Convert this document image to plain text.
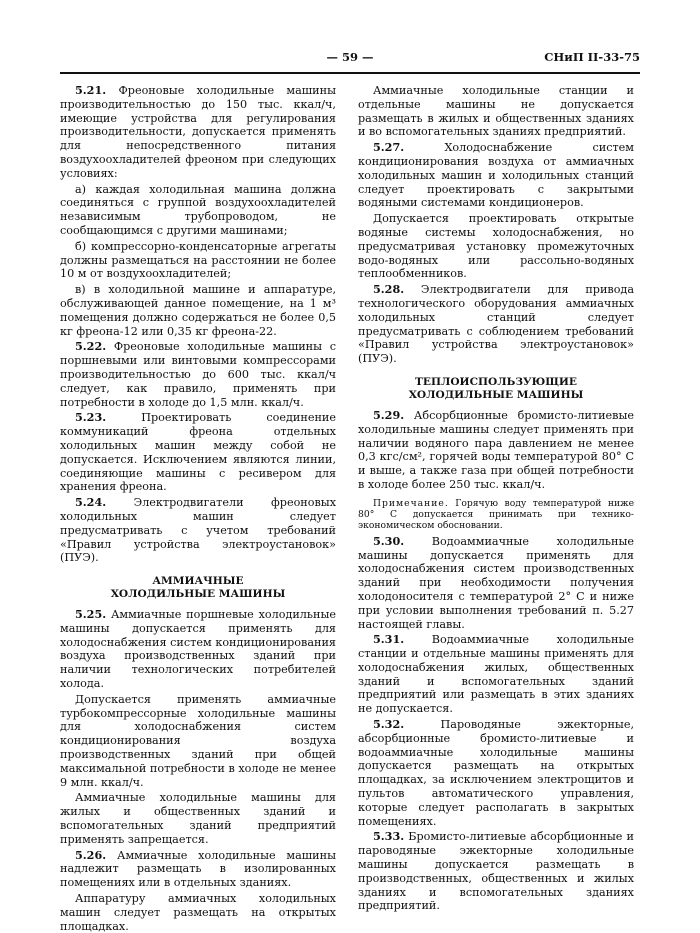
— 59 —	СНиП II-33-75

5.21. Фреоновые холодильные машины производительностью до 150 тыс. ккал/ч, имеющие устройства для регулирования производительности, допускается применять для непосредственного питания воздухоохладителей фреоном при следующих условиях:

а) каждая холодильная машина должна соединяться с группой воздухоохладителей независимым трубопроводом, не сообщающимся с другими машинами;

б) компрессорно-конденсаторные агрегаты должны размещаться на расстоянии не более 10 м от воздухоохладителей;

в) в холодильной машине и аппаратуре, обслуживающей данное помещение, на 1 м³ помещения должно содержаться не более 0,5 кг фреона-12 или 0,35 кг фреона-22.

5.22. Фреоновые холодильные машины с поршневыми или винтовыми компрессорами производительностью до 600 тыс. ккал/ч следует, как правило, применять при потребности в холоде до 1,5 млн. ккал/ч.

5.23.	Проектировать соединение коммуникаций фреона отдельных холодильных машин между собой не допускается. Исключением являются линии, соединяющие машины с ресивером для хранения фреона.

5.24. Электродвигатели фреоновых холодильных машин следует предусматривать с учетом требований «Правил устройства электроустановок» (ПУЭ).

АММИАЧНЫЕ
ХОЛОДИЛЬНЫЕ МАШИНЫ

5.25. Аммиачные поршневые холодильные машины допускается применять для холодоснабжения систем кондиционирования воздуха производственных зданий при наличии технологических потребителей холода.

Допускается применять аммиачные турбокомпрессорные холодильные машины для холодоснабжения систем кондиционирования воздуха производственных зданий при общей максимальной потребности в холоде не менее 9 млн. ккал/ч.

Аммиачные холодильные машины для жилых и общественных зданий и вспомогательных зданий предприятий применять запрещается.

5.26. Аммиачные холодильные машины надлежит размещать в изолированных помещениях или в отдельных зданиях.

Аппаратуру аммиачных холодильных машин следует размещать на открытых площадках.

Аммиачные холодильные станции и отдельные машины не допускается размещать в жилых и общественных зданиях и во вспомогательных зданиях предприятий.

5.27.	Холодоснабжение систем кондиционирования воздуха от аммиачных холодильных машин и холодильных станций следует проектировать с закрытыми водяными системами кондиционеров.

Допускается проектировать открытые водяные системы холодоснабжения, но предусматривая установку промежуточных водо-водяных или рассольно-водяных теплообменников.

5.28. Электродвигатели для привода технологического оборудования аммиачных холодильных станций следует предусматривать с соблюдением требований «Правил устройства электроустановок» (ПУЭ).

ТЕПЛОИСПОЛЬЗУЮЩИЕ
ХОЛОДИЛЬНЫЕ МАШИНЫ

5.29. Абсорбционные бромисто-литиевые холодильные машины следует применять при наличии водяного пара давлением не менее 0,3 кгс/см², горячей воды температурой 80° С и выше, а также газа при общей потребности в холоде более 250 тыс. ккал/ч.

Примечание. Горячую воду температурой ниже 80° С допускается принимать при технико-экономическом обосновании.

5.30. Водоаммиачные холодильные машины допускается применять для холодоснабжения систем производственных зданий при необходимости получения холодоносителя с температурой 2° С и ниже при условии выполнения требований п. 5.27 настоящей главы.

5.31. Водоаммиачные холодильные станции и отдельные машины применять для холодоснабжения жилых, общественных зданий и вспомогательных зданий предприятий или размещать в этих зданиях не допускается.

5.32.	Пароводяные эжекторные, абсорбционные бромисто-литиевые и водоаммиачные холодильные машины допускается размещать на открытых площадках, за исключением электрощитов и пультов автоматического управления, которые следует располагать в закрытых помещениях.

5.33. Бромисто-литиевые абсорбционные и пароводяные эжекторные холодильные машины допускается размещать в производственных, общественных и жилых зданиях и вспомогательных зданиях предприятий.
